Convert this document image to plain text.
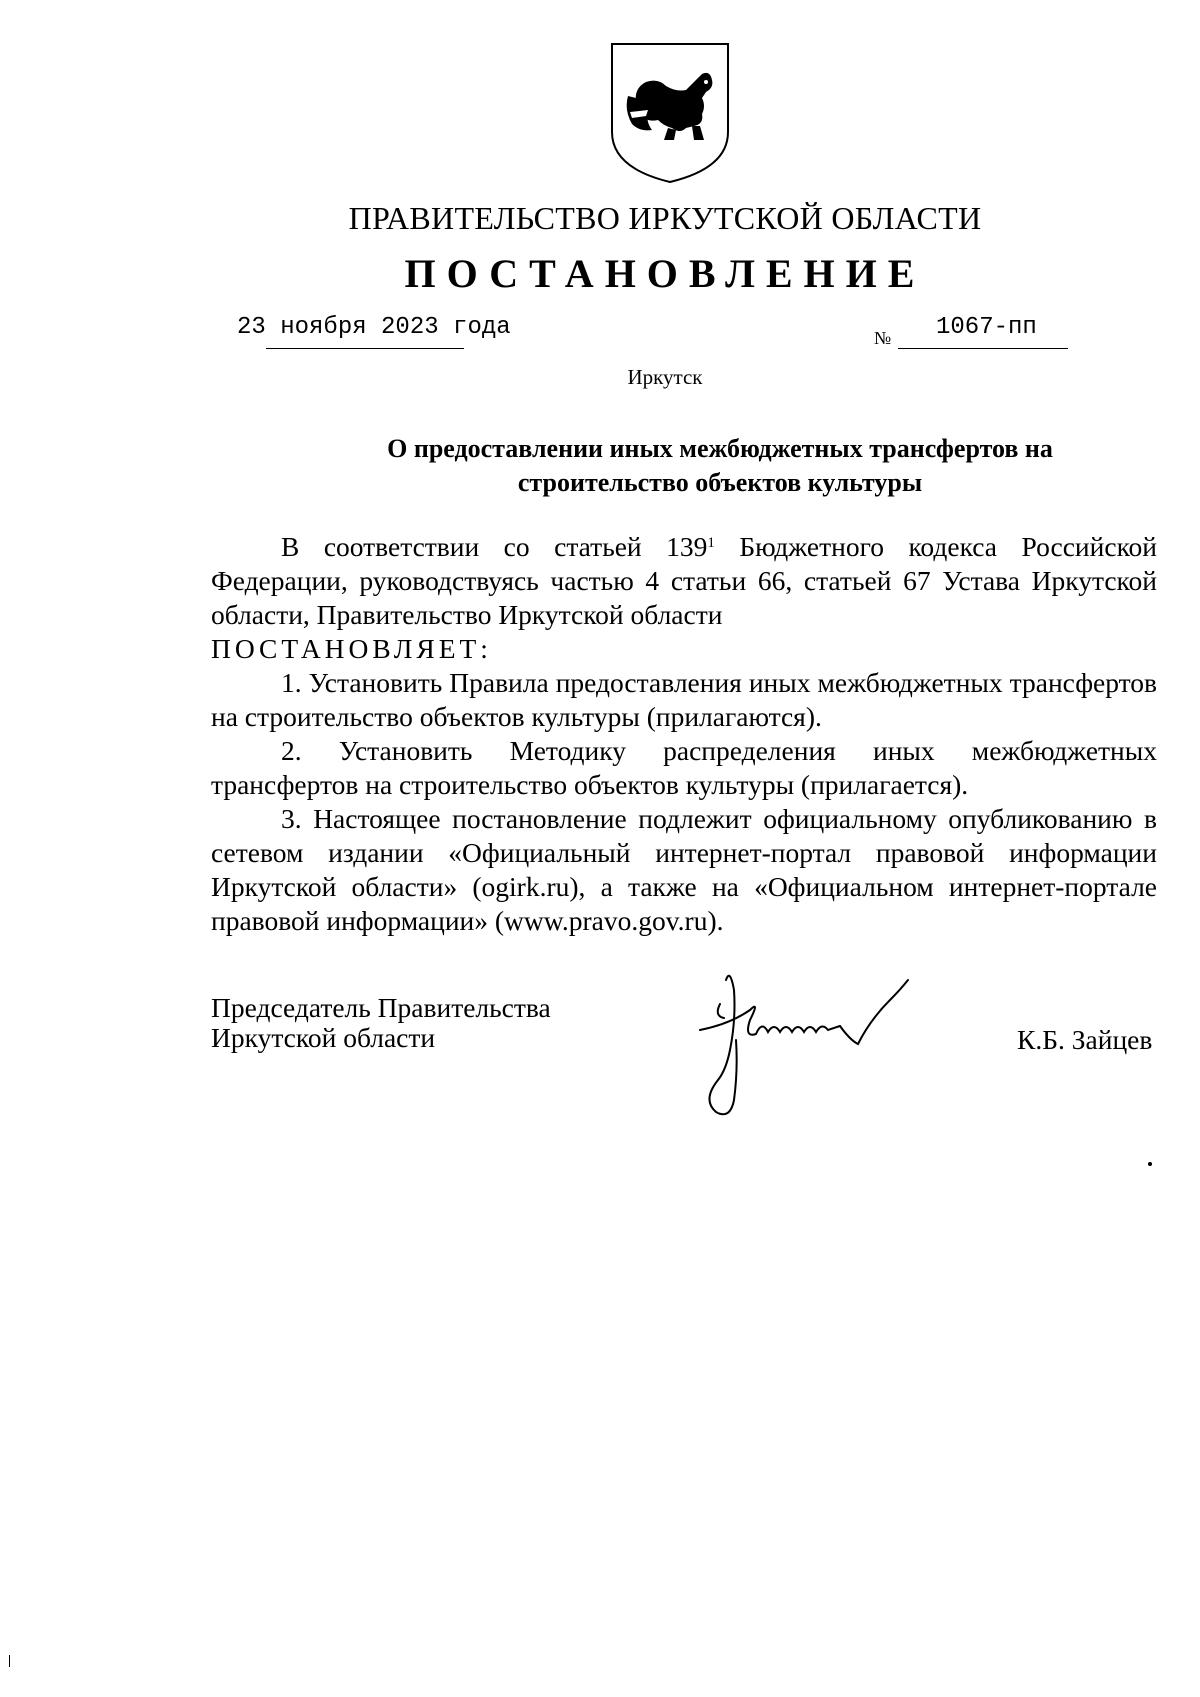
ПРАВИТЕЛЬСТВО ИРКУТСКОЙ ОБЛАСТИ
ПОСТАНОВЛЕНИЕ
23 ноября 2023 года	№ 1067-пп
Иркутск
О предоставлении иных межбюджетных трансфертов на
строительство объектов культуры
В соответствии со статьей $139^1$ Бюджетного кодекса Российской Федерации, руководствуясь частью 4 статьи 66, статьей 67 Устава Иркутской области, Правительство Иркутской области
ПОСТАНОВЛЯЕТ:
1. Установить Правила предоставления иных межбюджетных трансфертов на строительство объектов культуры (прилагаются).
2. Установить Методику распределения иных межбюджетных трансфертов на строительство объектов культуры (прилагается).
3. Настоящее постановление подлежит официальному опубликованию в сетевом издании «Официальный интернет-портал правовой информации Иркутской области» (ogirk.ru), а также на «Официальном интернет-портале правовой информации» (www.pravo.gov.ru).
Председатель Правительства
Иркутской области	К.Б. Зайцев
